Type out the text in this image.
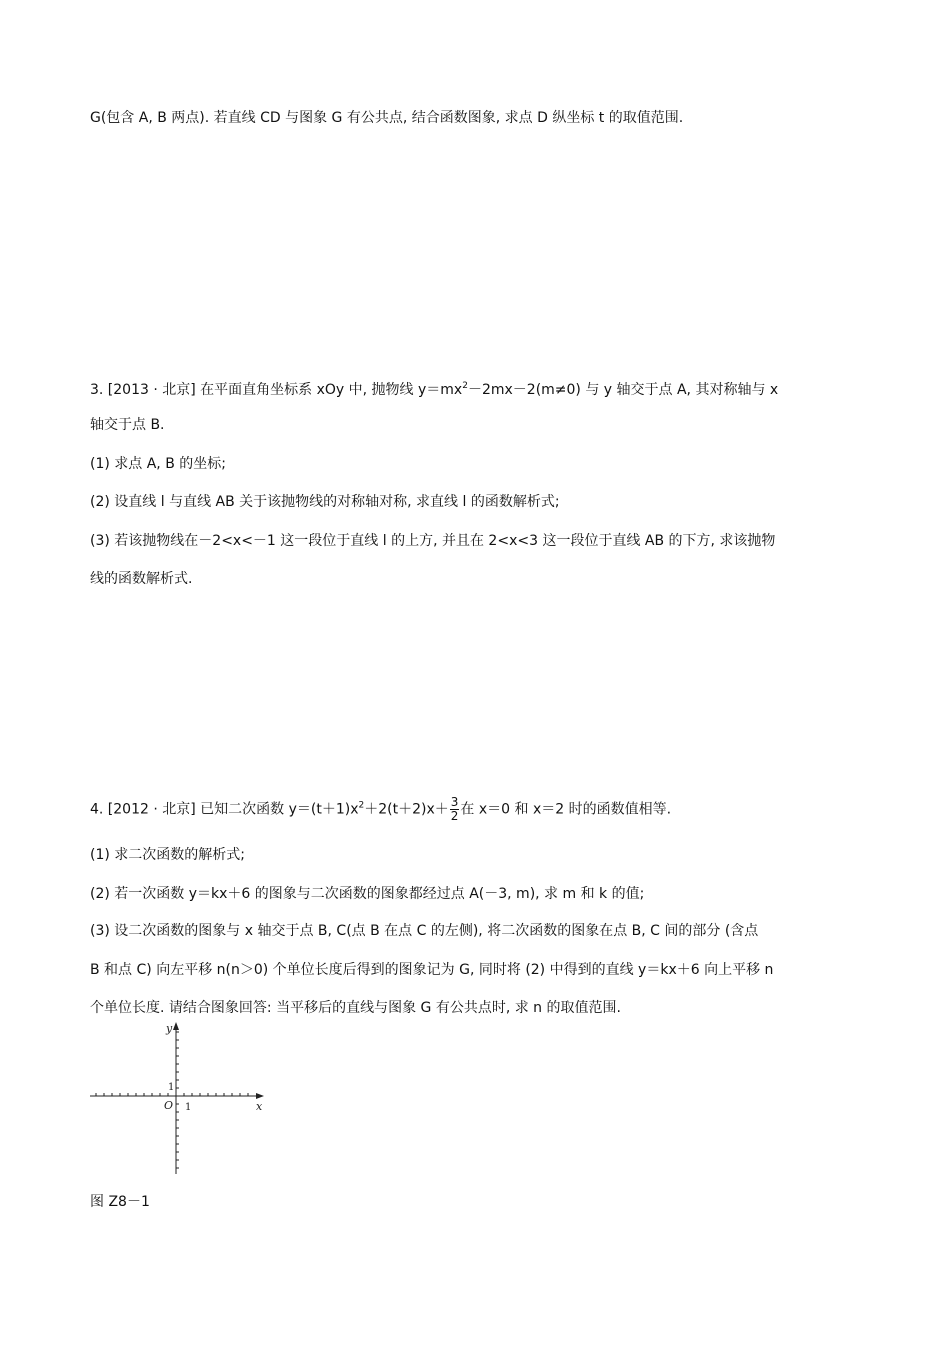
G(包含 A, B 两点). 若直线 CD 与图象 G 有公共点, 结合函数图象, 求点 D 纵坐标 t 的取值范围.
3. [2013 · 北京] 在平面直角坐标系 xOy 中, 抛物线 $y=mx^2-2mx-2(m\ne 0)$ 与 y 轴交于点 A, 其对称轴与 x
轴交于点 B.
(1) 求点 A, B 的坐标;
(2) 设直线 l 与直线 AB 关于该抛物线的对称轴对称, 求直线 l 的函数解析式;
(3) 若该抛物线在－2<x<－1 这一段位于直线 l 的上方, 并且在 2<x<3 这一段位于直线 AB 的下方, 求该抛物
线的函数解析式.
4. [2012 · 北京] 已知二次函数 $y=(t+1)x^2+2(t+2)x+ \frac{3}{2}$ 在 x＝0 和 x＝2 时的函数值相等.
(1) 求二次函数的解析式;
(2) 若一次函数 y＝kx＋6 的图象与二次函数的图象都经过点 A(－3, m), 求 m 和 k 的值;
(3) 设二次函数的图象与 x 轴交于点 B, C(点 B 在点 C 的左侧), 将二次函数的图象在点 B, C 间的部分 (含点
B 和点 C) 向左平移 n(n＞0) 个单位长度后得到的图象记为 G, 同时将 (2) 中得到的直线 y＝kx＋6 向上平移 n
个单位长度. 请结合图象回答: 当平移后的直线与图象 G 有公共点时, 求 n 的取值范围.
y
x
O 1
1
图 Z8－1
